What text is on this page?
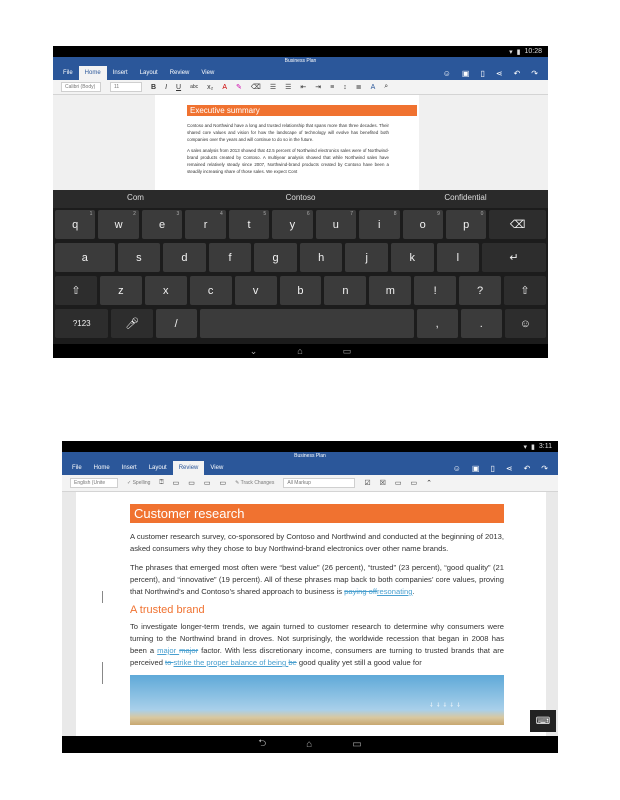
▾ ▮ 10:28
Business Plan
File	Home	Insert	Layout	Review	View	☺ ▣ ▯ ⋖ ↶ ↷
Calibri (Body)	11	B I U abc x₂ A ✎ ⌫ ☰ ☰ ⇤ ⇥ ≡ ↕ ≣ A ⌕
Executive summary

Contoso and Northwind have a long and trusted relationship that spans more than three decades. Their shared core values and vision for how the landscape of technology will evolve has benefited both companies over the years and will continue to do so in the future.

A sales analysis from 2013 showed that 42.5 percent of Northwind electronics sales were of Northwind-brand products created by Contoso. A multiyear analysis showed that while Northwind sales have remained relatively steady since 2007, Northwind-brand products created by Contoso have been a steadily increasing share of those sales. We expect Cont

Com	Contoso	Confidential
q
1
w
2
e
3
r
4
t
5
y
6
u
7
i
8
o
9
p
0
⌫
a	s	d	f	g	h	j	k	l	↵
⇧	z	x	c	v	b	n	m	!	?	⇧
?123	🎤︎	/	,	.	☺
⌄	⌂	▭
▾ ▮ 3:11
Business Plan
File	Home	Insert	Layout	Review	View	☺ ▣ ▯ ⋖ ↶ ↷
English (Unite	✓ Spelling ⍰ ▭ ▭ ▭ ▭ ✎ Track Changes	All Markup	☑ ☒ ▭ ▭ ⌃
Customer research

A customer research survey, co-sponsored by Contoso and Northwind and conducted at the beginning of 2013, asked consumers why they chose to buy Northwind-brand electronics over other name brands.

The phrases that emerged most often were “best value” (26 percent), “trusted” (23 percent), “good quality” (21 percent), and “innovative” (19 percent). All of these phrases map back to both companies’ core values, proving that Northwind’s and Contoso’s shared approach to business is paying offresonating.

A trusted brand

To investigate longer-term trends, we again turned to customer research to determine why consumers were turning to the Northwind brand in droves. Not surprisingly, the worldwide recession that began in 2008 has been a major major factor. With less discretionary income, consumers are turning to trusted brands that are perceived to strike the proper balance of being be good quality yet still a good value for

⸸⸸⸸⸸⸸
⌨
⮌	⌂	▭
